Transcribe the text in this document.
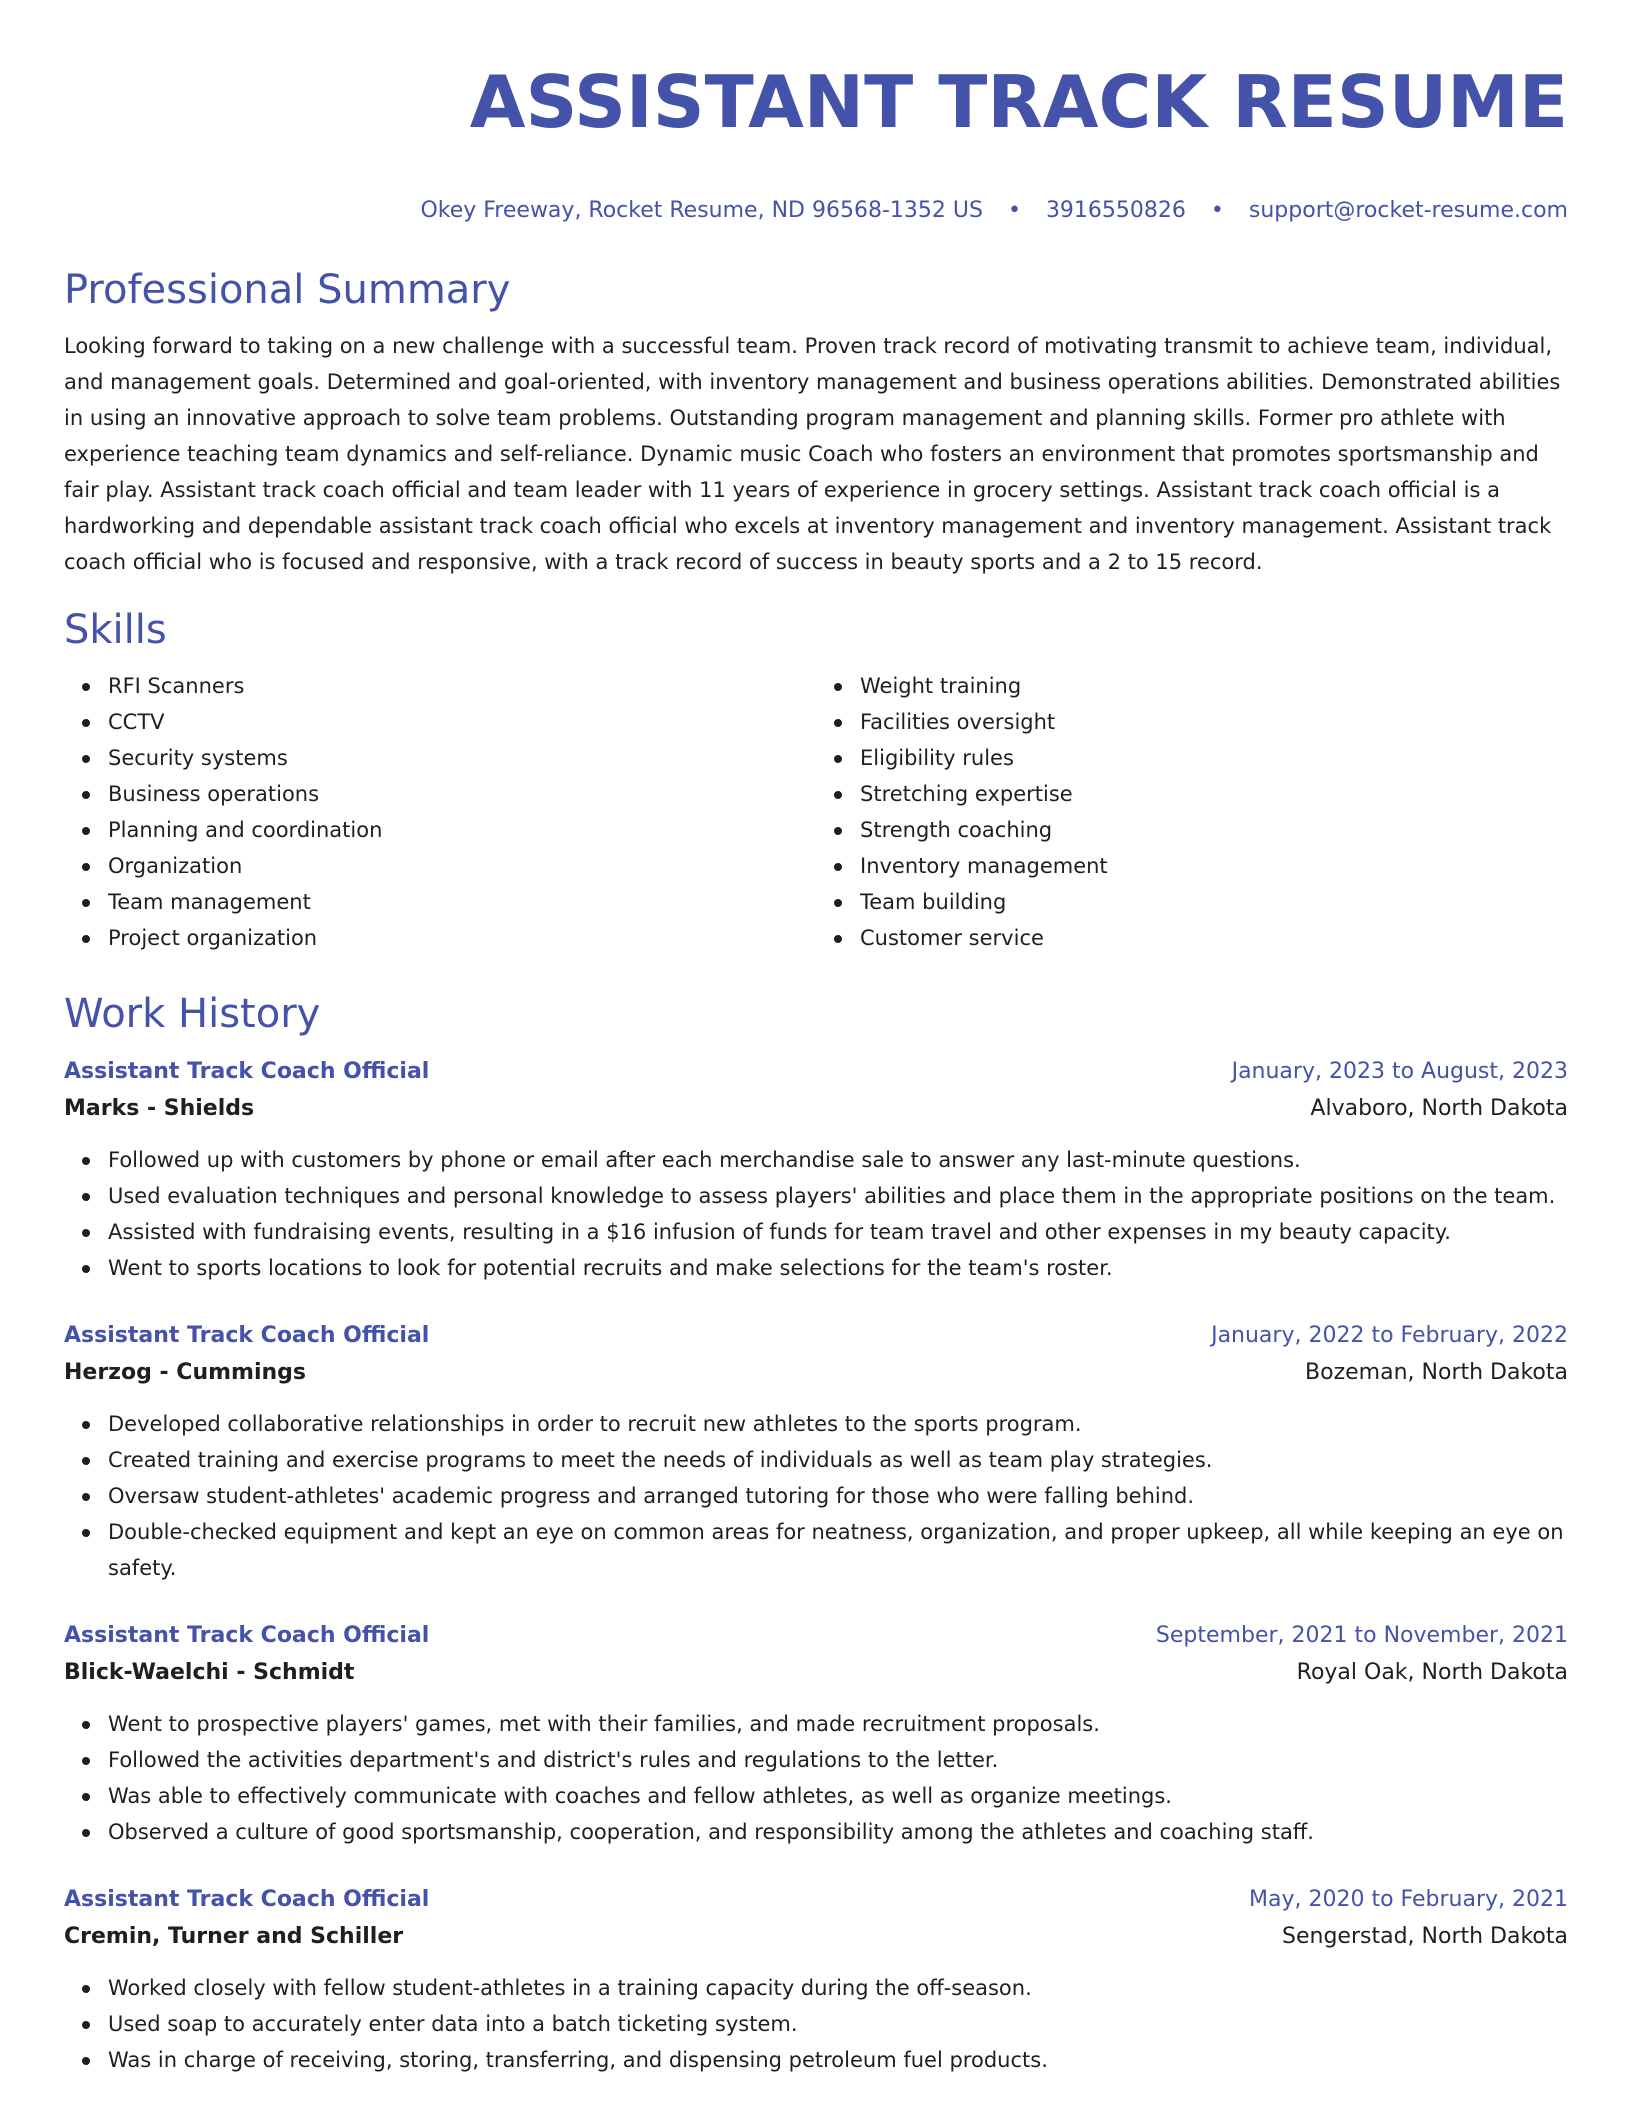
ASSISTANT TRACK RESUME
Okey Freeway, Rocket Resume, ND 96568-1352 US • 3916550826 • support@rocket-resume.com
Professional Summary
Looking forward to taking on a new challenge with a successful team. Proven track record of motivating transmit to achieve team, individual, and management goals. Determined and goal-oriented, with inventory management and business operations abilities. Demonstrated abilities in using an innovative approach to solve team problems. Outstanding program management and planning skills. Former pro athlete with experience teaching team dynamics and self-reliance. Dynamic music Coach who fosters an environment that promotes sportsmanship and fair play. Assistant track coach official and team leader with 11 years of experience in grocery settings. Assistant track coach official is a hardworking and dependable assistant track coach official who excels at inventory management and inventory management. Assistant track coach official who is focused and responsive, with a track record of success in beauty sports and a 2 to 15 record.
Skills
RFI Scanners
CCTV
Security systems
Business operations
Planning and coordination
Organization
Team management
Project organization
Weight training
Facilities oversight
Eligibility rules
Stretching expertise
Strength coaching
Inventory management
Team building
Customer service
Work History
Assistant Track Coach Official	January, 2023 to August, 2023
Marks - Shields	Alvaboro, North Dakota
Followed up with customers by phone or email after each merchandise sale to answer any last-minute questions.
Used evaluation techniques and personal knowledge to assess players' abilities and place them in the appropriate positions on the team.
Assisted with fundraising events, resulting in a $16 infusion of funds for team travel and other expenses in my beauty capacity.
Went to sports locations to look for potential recruits and make selections for the team's roster.
Assistant Track Coach Official	January, 2022 to February, 2022
Herzog - Cummings	Bozeman, North Dakota
Developed collaborative relationships in order to recruit new athletes to the sports program.
Created training and exercise programs to meet the needs of individuals as well as team play strategies.
Oversaw student-athletes' academic progress and arranged tutoring for those who were falling behind.
Double-checked equipment and kept an eye on common areas for neatness, organization, and proper upkeep, all while keeping an eye on safety.
Assistant Track Coach Official	September, 2021 to November, 2021
Blick-Waelchi - Schmidt	Royal Oak, North Dakota
Went to prospective players' games, met with their families, and made recruitment proposals.
Followed the activities department's and district's rules and regulations to the letter.
Was able to effectively communicate with coaches and fellow athletes, as well as organize meetings.
Observed a culture of good sportsmanship, cooperation, and responsibility among the athletes and coaching staff.
Assistant Track Coach Official	May, 2020 to February, 2021
Cremin, Turner and Schiller	Sengerstad, North Dakota
Worked closely with fellow student-athletes in a training capacity during the off-season.
Used soap to accurately enter data into a batch ticketing system.
Was in charge of receiving, storing, transferring, and dispensing petroleum fuel products.
